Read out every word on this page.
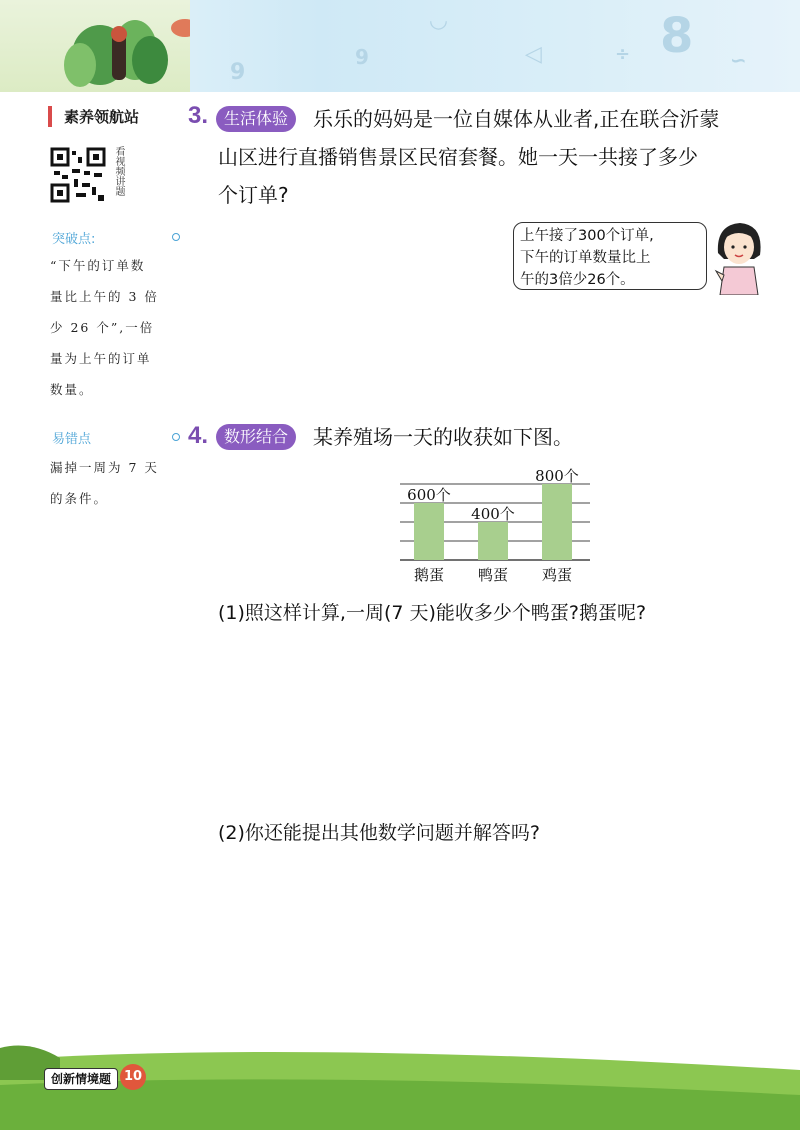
◡
9	◁	÷ 8 ∽
9
素养领航站
看视频讲题
突破点:
“下午的订单数
量比上午的 3 倍
少 26 个”,一倍
量为上午的订单
数量。
易错点
漏掉一周为 7 天
的条件。
3. 生活体验	乐乐的妈妈是一位自媒体从业者,正在联合沂蒙
山区进行直播销售景区民宿套餐。她一天一共接了多少
个订单?
上午接了300个订单,
下午的订单数量比上
午的3倍少26个。
4. 数形结合	某养殖场一天的收获如下图。
600个
400个
800个
鹅蛋 鸭蛋 鸡蛋
(1)照这样计算,一周(7 天)能收多少个鸭蛋?鹅蛋呢?
(2)你还能提出其他数学问题并解答吗?
创新情境题 10
